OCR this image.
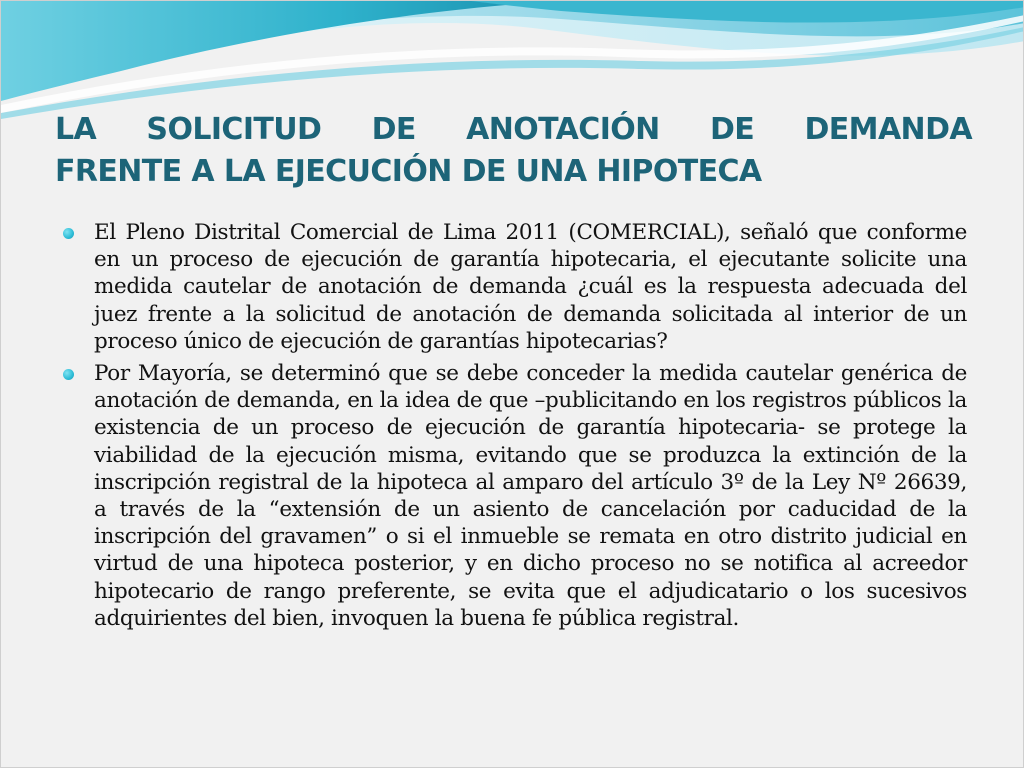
LA SOLICITUD DE ANOTACIÓN DE DEMANDA
FRENTE A LA EJECUCIÓN DE UNA HIPOTECA
El Pleno Distrital Comercial de Lima 2011 (COMERCIAL), señaló que conforme en un proceso de ejecución de garantía hipotecaria, el ejecutante solicite una medida cautelar de anotación de demanda ¿cuál es la respuesta adecuada del juez frente a la solicitud de anotación de demanda solicitada al interior de un proceso único de ejecución de garantías hipotecarias?
Por Mayoría, se determinó que se debe conceder la medida cautelar genérica de anotación de demanda, en la idea de que –publicitando en los registros públicos la existencia de un proceso de ejecución de garantía hipotecaria- se protege la viabilidad de la ejecución misma, evitando que se produzca la extinción de la inscripción registral de la hipoteca al amparo del artículo 3º de la Ley Nº 26639, a través de la “extensión de un asiento de cancelación por caducidad de la inscripción del gravamen” o si el inmueble se remata en otro distrito judicial en virtud de una hipoteca posterior, y en dicho proceso no se notifica al acreedor hipotecario de rango preferente, se evita que el adjudicatario o los sucesivos adquirientes del bien, invoquen la buena fe pública registral.
